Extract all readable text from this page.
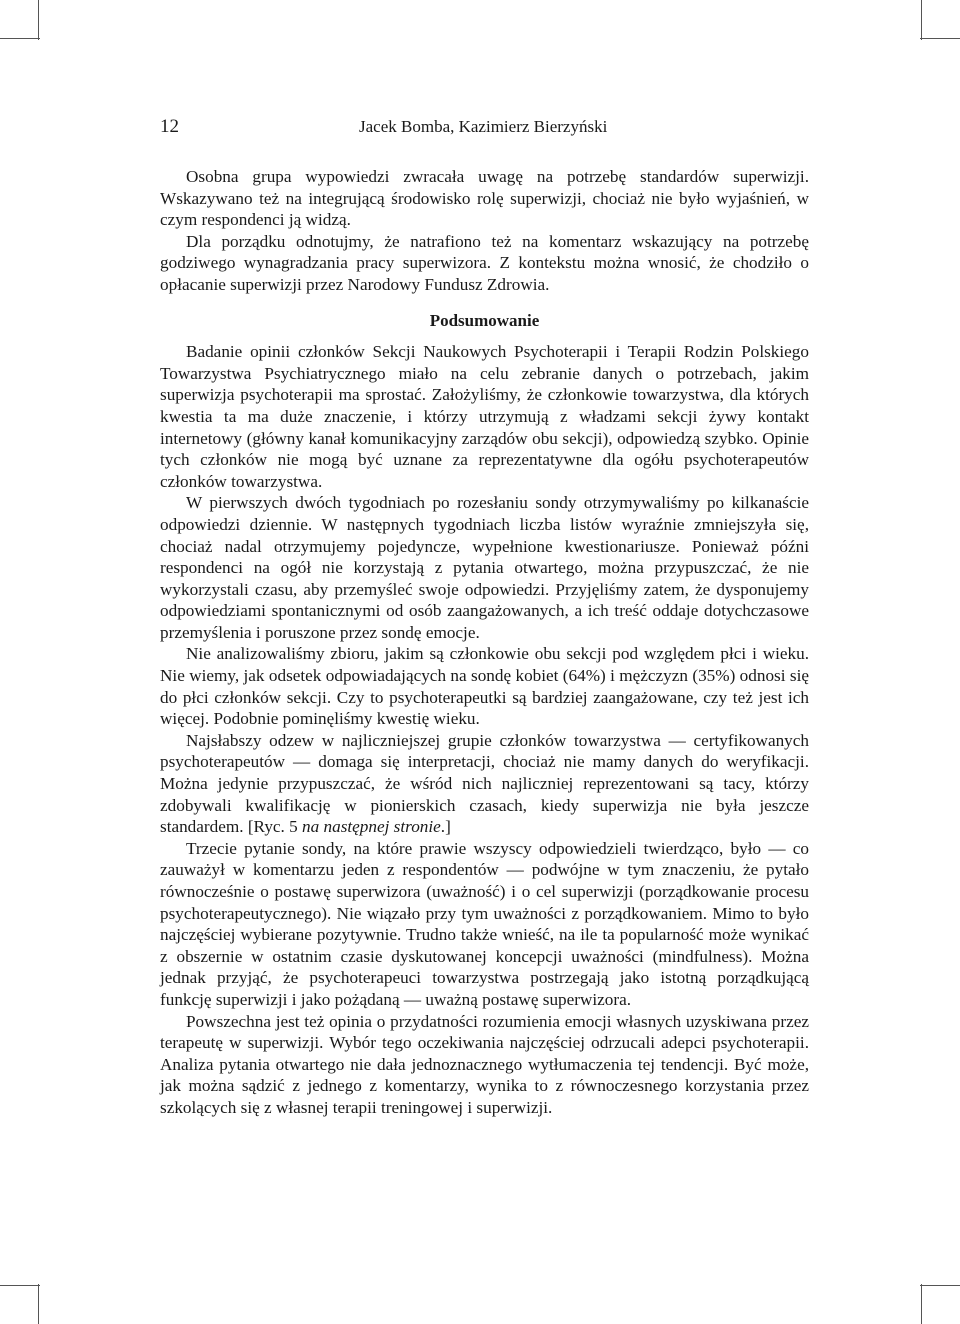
12	Jacek Bomba, Kazimierz Bierzyński

Osobna grupa wypowiedzi zwracała uwagę na potrzebę standardów superwizji. Wskazywano też na integrującą środowisko rolę superwizji, chociaż nie było wyjaśnień, w czym respondenci ją widzą.

Dla porządku odnotujmy, że natrafiono też na komentarz wskazujący na potrzebę godziwego wynagradzania pracy superwizora. Z kontekstu można wnosić, że chodziło o opłacanie superwizji przez Narodowy Fundusz Zdrowia.

Podsumowanie

Badanie opinii członków Sekcji Naukowych Psychoterapii i Terapii Rodzin Polskiego Towarzystwa Psychiatrycznego miało na celu zebranie danych o potrzebach, jakim superwizja psychoterapii ma sprostać. Założyliśmy, że członkowie towarzystwa, dla których kwestia ta ma duże znaczenie, i którzy utrzymują z władzami sekcji żywy kontakt internetowy (główny kanał komunikacyjny zarządów obu sekcji), odpowiedzą szybko. Opinie tych członków nie mogą być uznane za reprezentatywne dla ogółu psychoterapeutów członków towarzystwa.

W pierwszych dwóch tygodniach po rozesłaniu sondy otrzymywaliśmy po kilkanaście odpowiedzi dziennie. W następnych tygodniach liczba listów wyraźnie zmniejszyła się, chociaż nadal otrzymujemy pojedyncze, wypełnione kwestionariusze. Ponieważ późni respondenci na ogół nie korzystają z pytania otwartego, można przypuszczać, że nie wykorzystali czasu, aby przemyśleć swoje odpowiedzi. Przyjęliśmy zatem, że dysponujemy odpowiedziami spontanicznymi od osób zaangażowanych, a ich treść oddaje dotychczasowe przemyślenia i poruszone przez sondę emocje.

Nie analizowaliśmy zbioru, jakim są członkowie obu sekcji pod względem płci i wieku. Nie wiemy, jak odsetek odpowiadających na sondę kobiet (64%) i mężczyzn (35%) odnosi się do płci członków sekcji. Czy to psychoterapeutki są bardziej zaangażowane, czy też jest ich więcej. Podobnie pominęliśmy kwestię wieku.

Najsłabszy odzew w najliczniejszej grupie członków towarzystwa — certyfikowanych psychoterapeutów — domaga się interpretacji, chociaż nie mamy danych do weryfikacji. Można jedynie przypuszczać, że wśród nich najliczniej reprezentowani są tacy, którzy zdobywali kwalifikację w pionierskich czasach, kiedy superwizja nie była jeszcze standardem. [Ryc. 5 na następnej stronie.]

Trzecie pytanie sondy, na które prawie wszyscy odpowiedzieli twierdząco, było — co zauważył w komentarzu jeden z respondentów — podwójne w tym znaczeniu, że pytało równocześnie o postawę superwizora (uważność) i o cel superwizji (porządkowanie procesu psychoterapeutycznego). Nie wiązało przy tym uważności z porządkowaniem. Mimo to było najczęściej wybierane pozytywnie. Trudno także wnieść, na ile ta popularność może wynikać z obszernie w ostatnim czasie dyskutowanej koncepcji uważności (mindfulness). Można jednak przyjąć, że psychoterapeuci towarzystwa postrzegają jako istotną porządkującą funkcję superwizji i jako pożądaną — uważną postawę superwizora.

Powszechna jest też opinia o przydatności rozumienia emocji własnych uzyskiwana przez terapeutę w superwizji. Wybór tego oczekiwania najczęściej odrzucali adepci psychoterapii. Analiza pytania otwartego nie dała jednoznacznego wytłumaczenia tej tendencji. Być może, jak można sądzić z jednego z komentarzy, wynika to z równoczesnego korzystania przez szkolących się z własnej terapii treningowej i superwizji.
